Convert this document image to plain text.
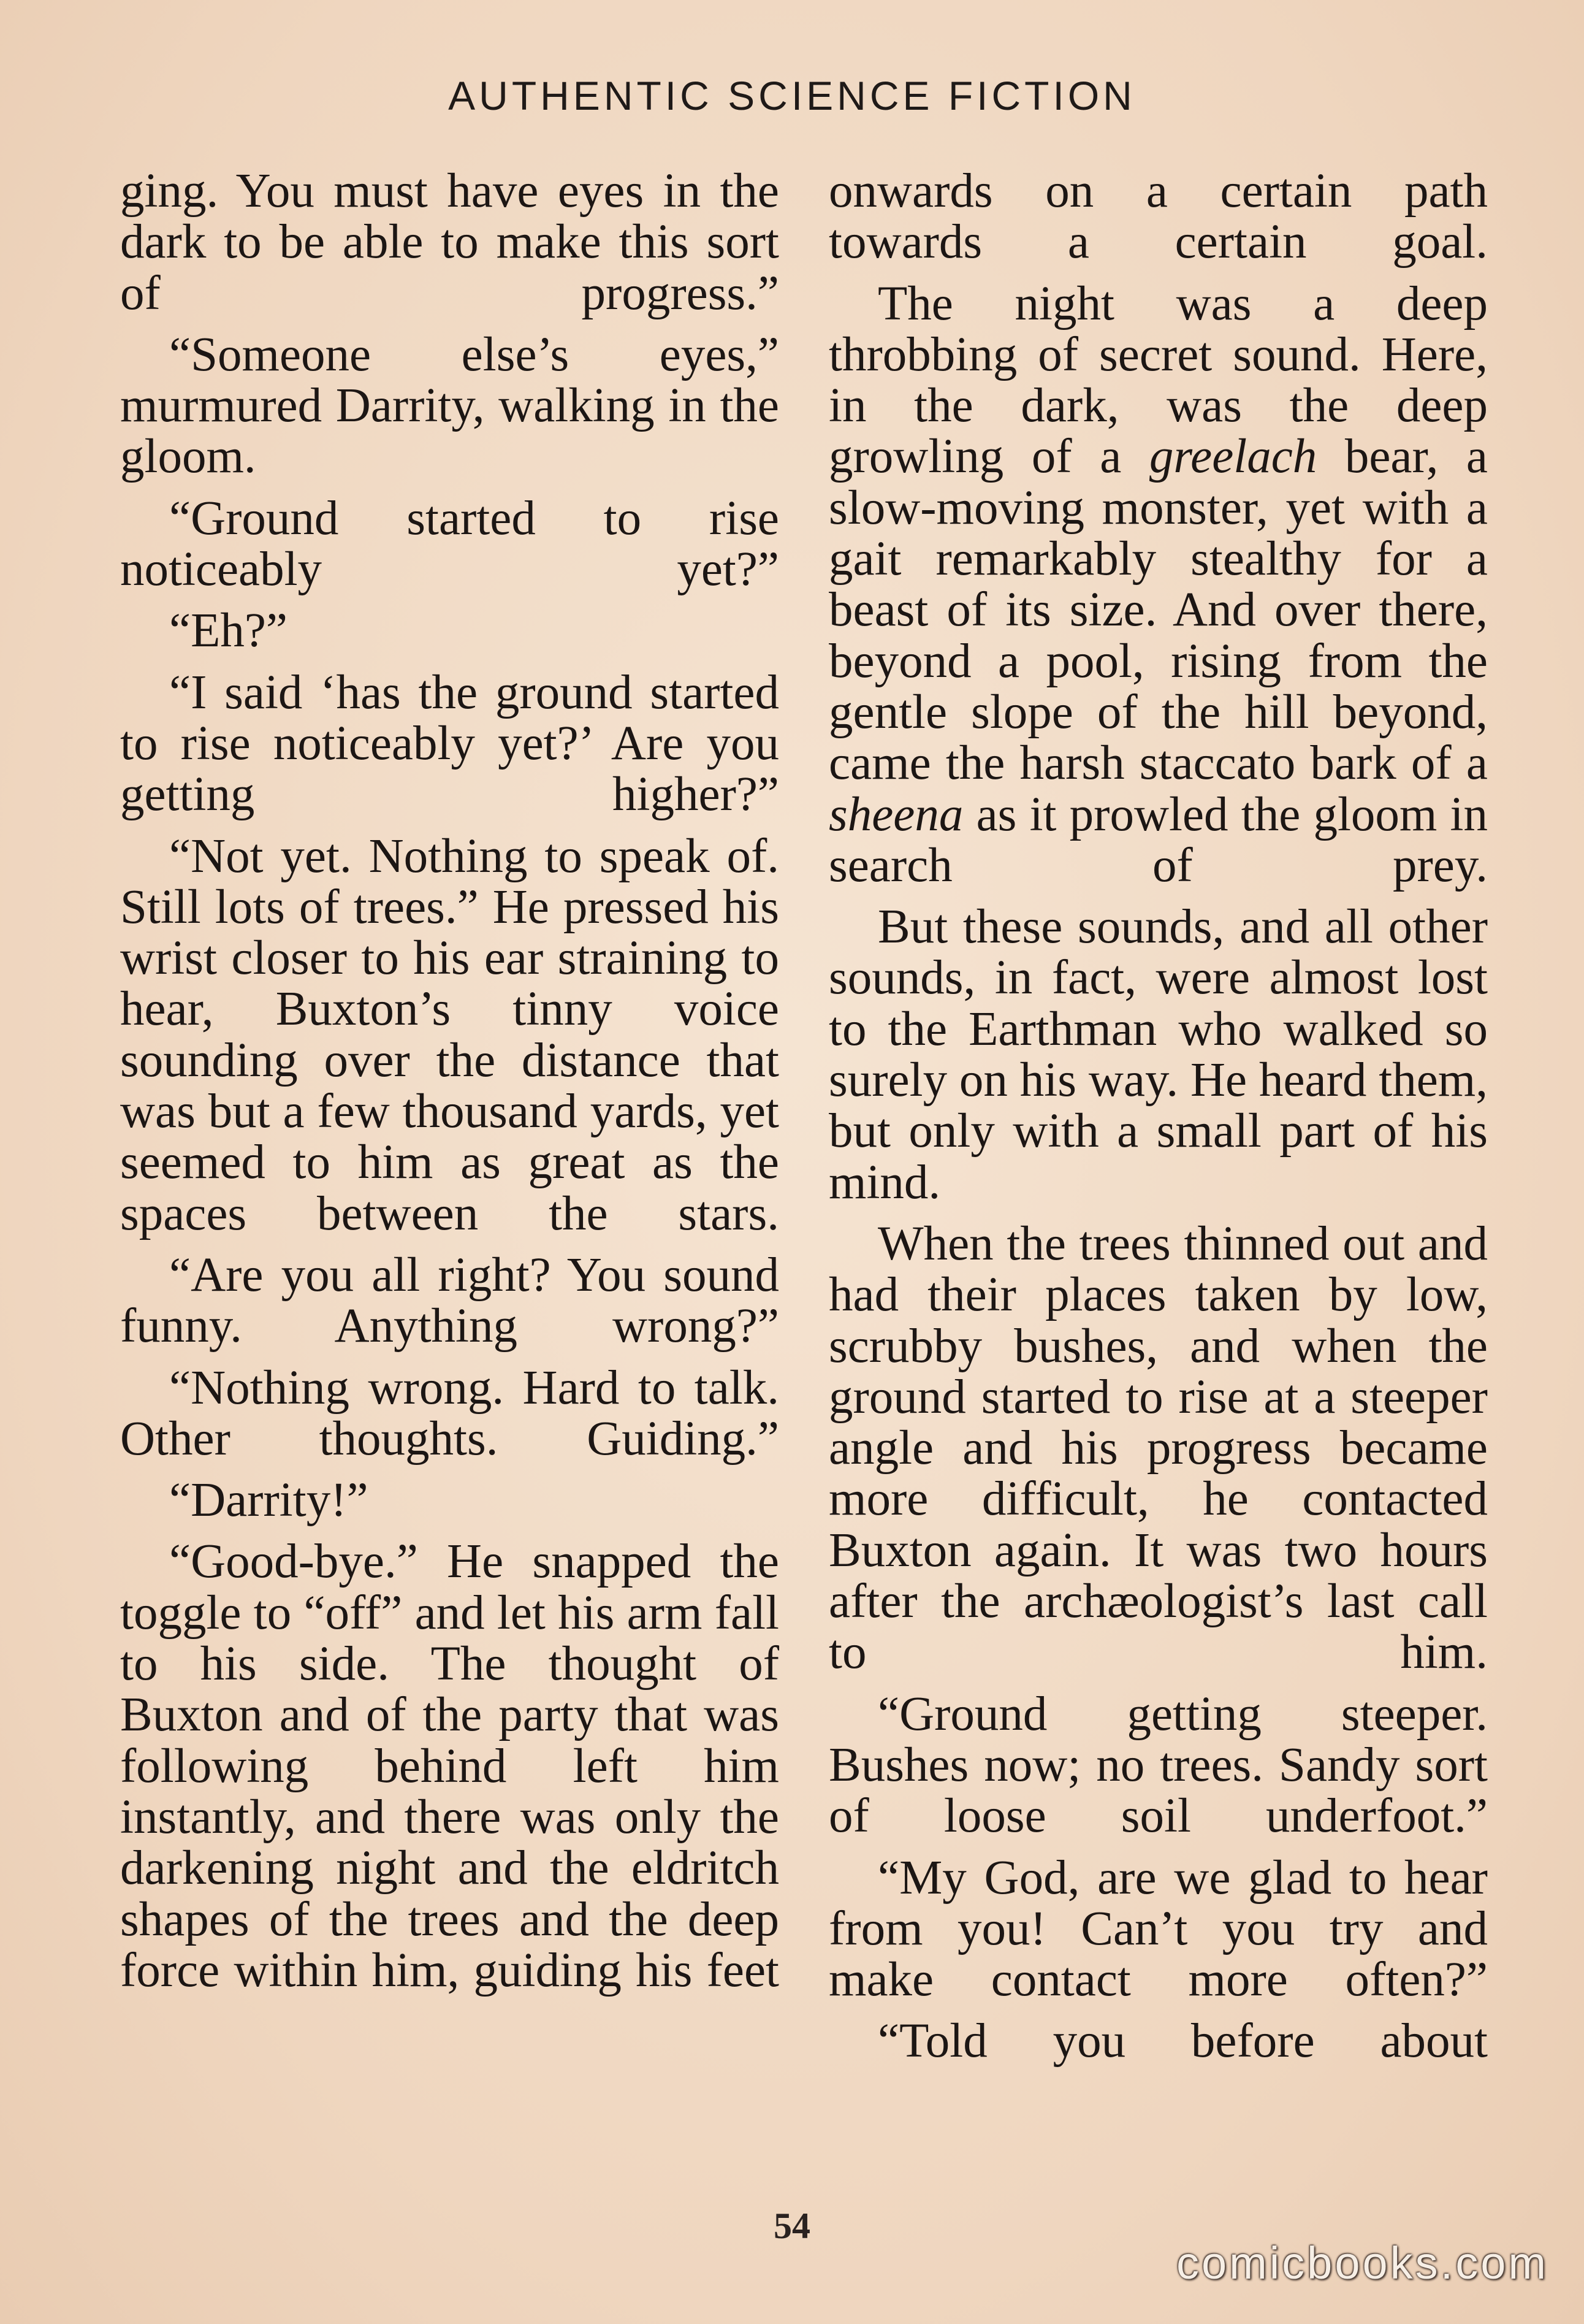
AUTHENTIC SCIENCE FICTION

ging. You must have eyes in the dark to be able to make this sort of progress.”

“Someone else’s eyes,” murmured Darrity, walking in the gloom.

“Ground started to rise noticeably yet?”

“Eh?”

“I said ‘has the ground started to rise noticeably yet?’ Are you getting higher?”

“Not yet. Nothing to speak of. Still lots of trees.” He pressed his wrist closer to his ear straining to hear, Buxton’s tinny voice sounding over the distance that was but a few thousand yards, yet seemed to him as great as the spaces between the stars.

“Are you all right? You sound funny. Anything wrong?”

“Nothing wrong. Hard to talk. Other thoughts. Guiding.”

“Darrity!”

“Good-bye.” He snapped the toggle to “off” and let his arm fall to his side. The thought of Buxton and of the party that was following behind left him instantly, and there was only the darkening night and the eldritch shapes of the trees and the deep force within him, guiding his feet

onwards on a certain path towards a certain goal.

The night was a deep throbbing of secret sound. Here, in the dark, was the deep growling of a greelach bear, a slow-moving monster, yet with a gait remarkably stealthy for a beast of its size. And over there, beyond a pool, rising from the gentle slope of the hill beyond, came the harsh staccato bark of a sheena as it prowled the gloom in search of prey.

But these sounds, and all other sounds, in fact, were almost lost to the Earthman who walked so surely on his way. He heard them, but only with a small part of his mind.

When the trees thinned out and had their places taken by low, scrubby bushes, and when the ground started to rise at a steeper angle and his progress became more difficult, he contacted Buxton again. It was two hours after the archæologist’s last call to him.

“Ground getting steeper. Bushes now; no trees. Sandy sort of loose soil underfoot.”

“My God, are we glad to hear from you! Can’t you try and make contact more often?”

“Told you before about

54
comicbooks.com
